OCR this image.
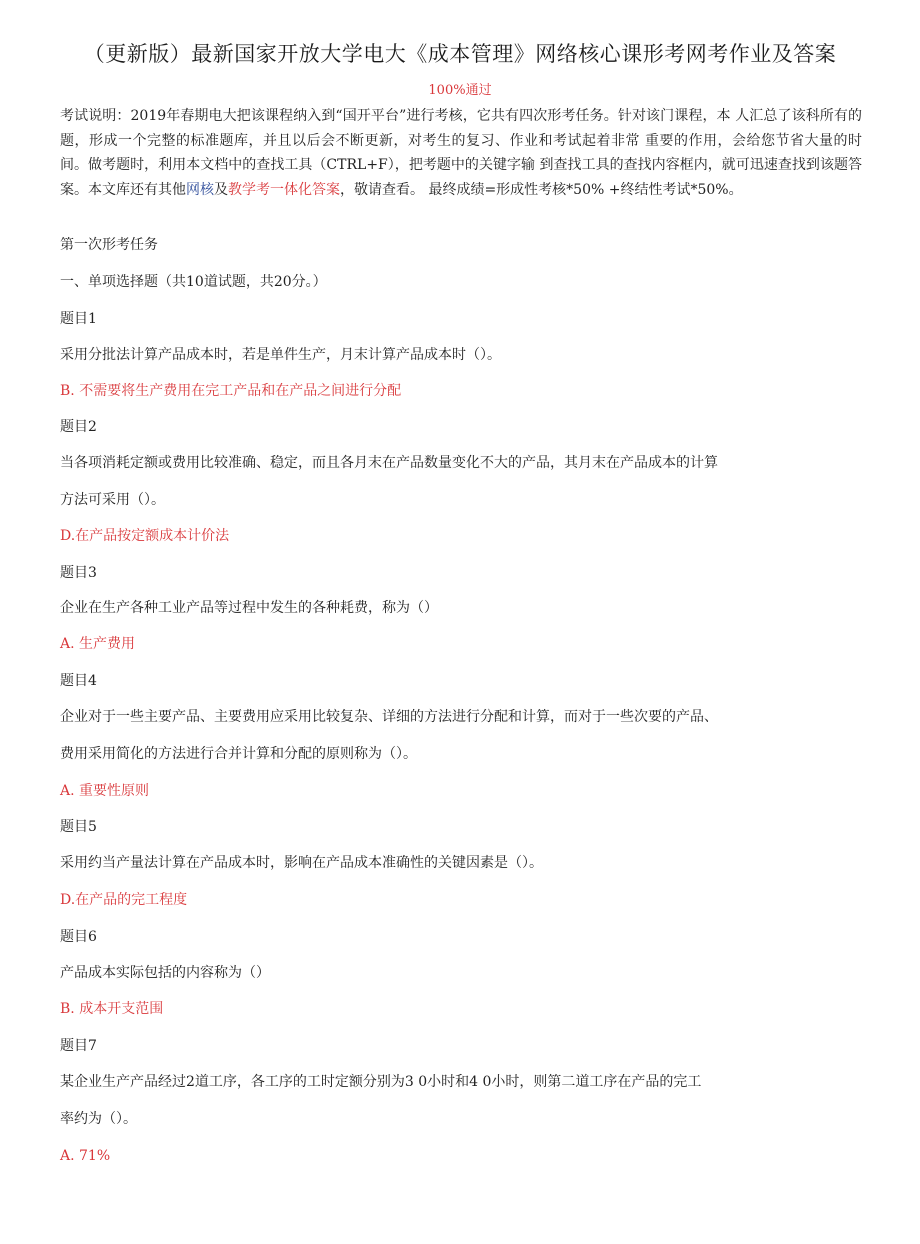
（更新版）最新国家开放大学电大《成本管理》网络核心课形考网考作业及答案
100%通过
考试说明：2019年春期电大把该课程纳入到“国开平台”进行考核，它共有四次形考任务。针对该门课程，本 人汇总了该科所有的题，形成一个完整的标准题库，并且以后会不断更新，对考生的复习、作业和考试起着非常 重要的作用，会给您节省大量的时间。做考题时，利用本文档中的查找工具（CTRL+F），把考题中的关键字输 到查找工具的查找内容框内，就可迅速查找到该题答案。本文库还有其他网核及教学考一体化答案，敬请查看。 最终成绩=形成性考核*50% +终结性考试*50%。
第一次形考任务
一、单项选择题（共10道试题，共20分。）
题目1
采用分批法计算产品成本时，若是单件生产，月末计算产品成本时（）。
B. 不需要将生产费用在完工产品和在产品之间进行分配
题目2
当各项消耗定额或费用比较准确、稳定，而且各月末在产品数量变化不大的产品，其月末在产品成本的计算
方法可采用（）。
D.在产品按定额成本计价法
题目3
企业在生产各种工业产品等过程中发生的各种耗费，称为（）
A. 生产费用
题目4
企业对于一些主要产品、主要费用应采用比较复杂、详细的方法进行分配和计算，而对于一些次要的产品、
费用采用简化的方法进行合并计算和分配的原则称为（）。
A. 重要性原则
题目5
采用约当产量法计算在产品成本时，影响在产品成本准确性的关键因素是（）。
D.在产品的完工程度
题目6
产品成本实际包括的内容称为（）
B. 成本开支范围
题目7
某企业生产产品经过2道工序，各工序的工时定额分别为3 0小时和4 0小时，则第二道工序在产品的完工
率约为（）。
A. 71%
